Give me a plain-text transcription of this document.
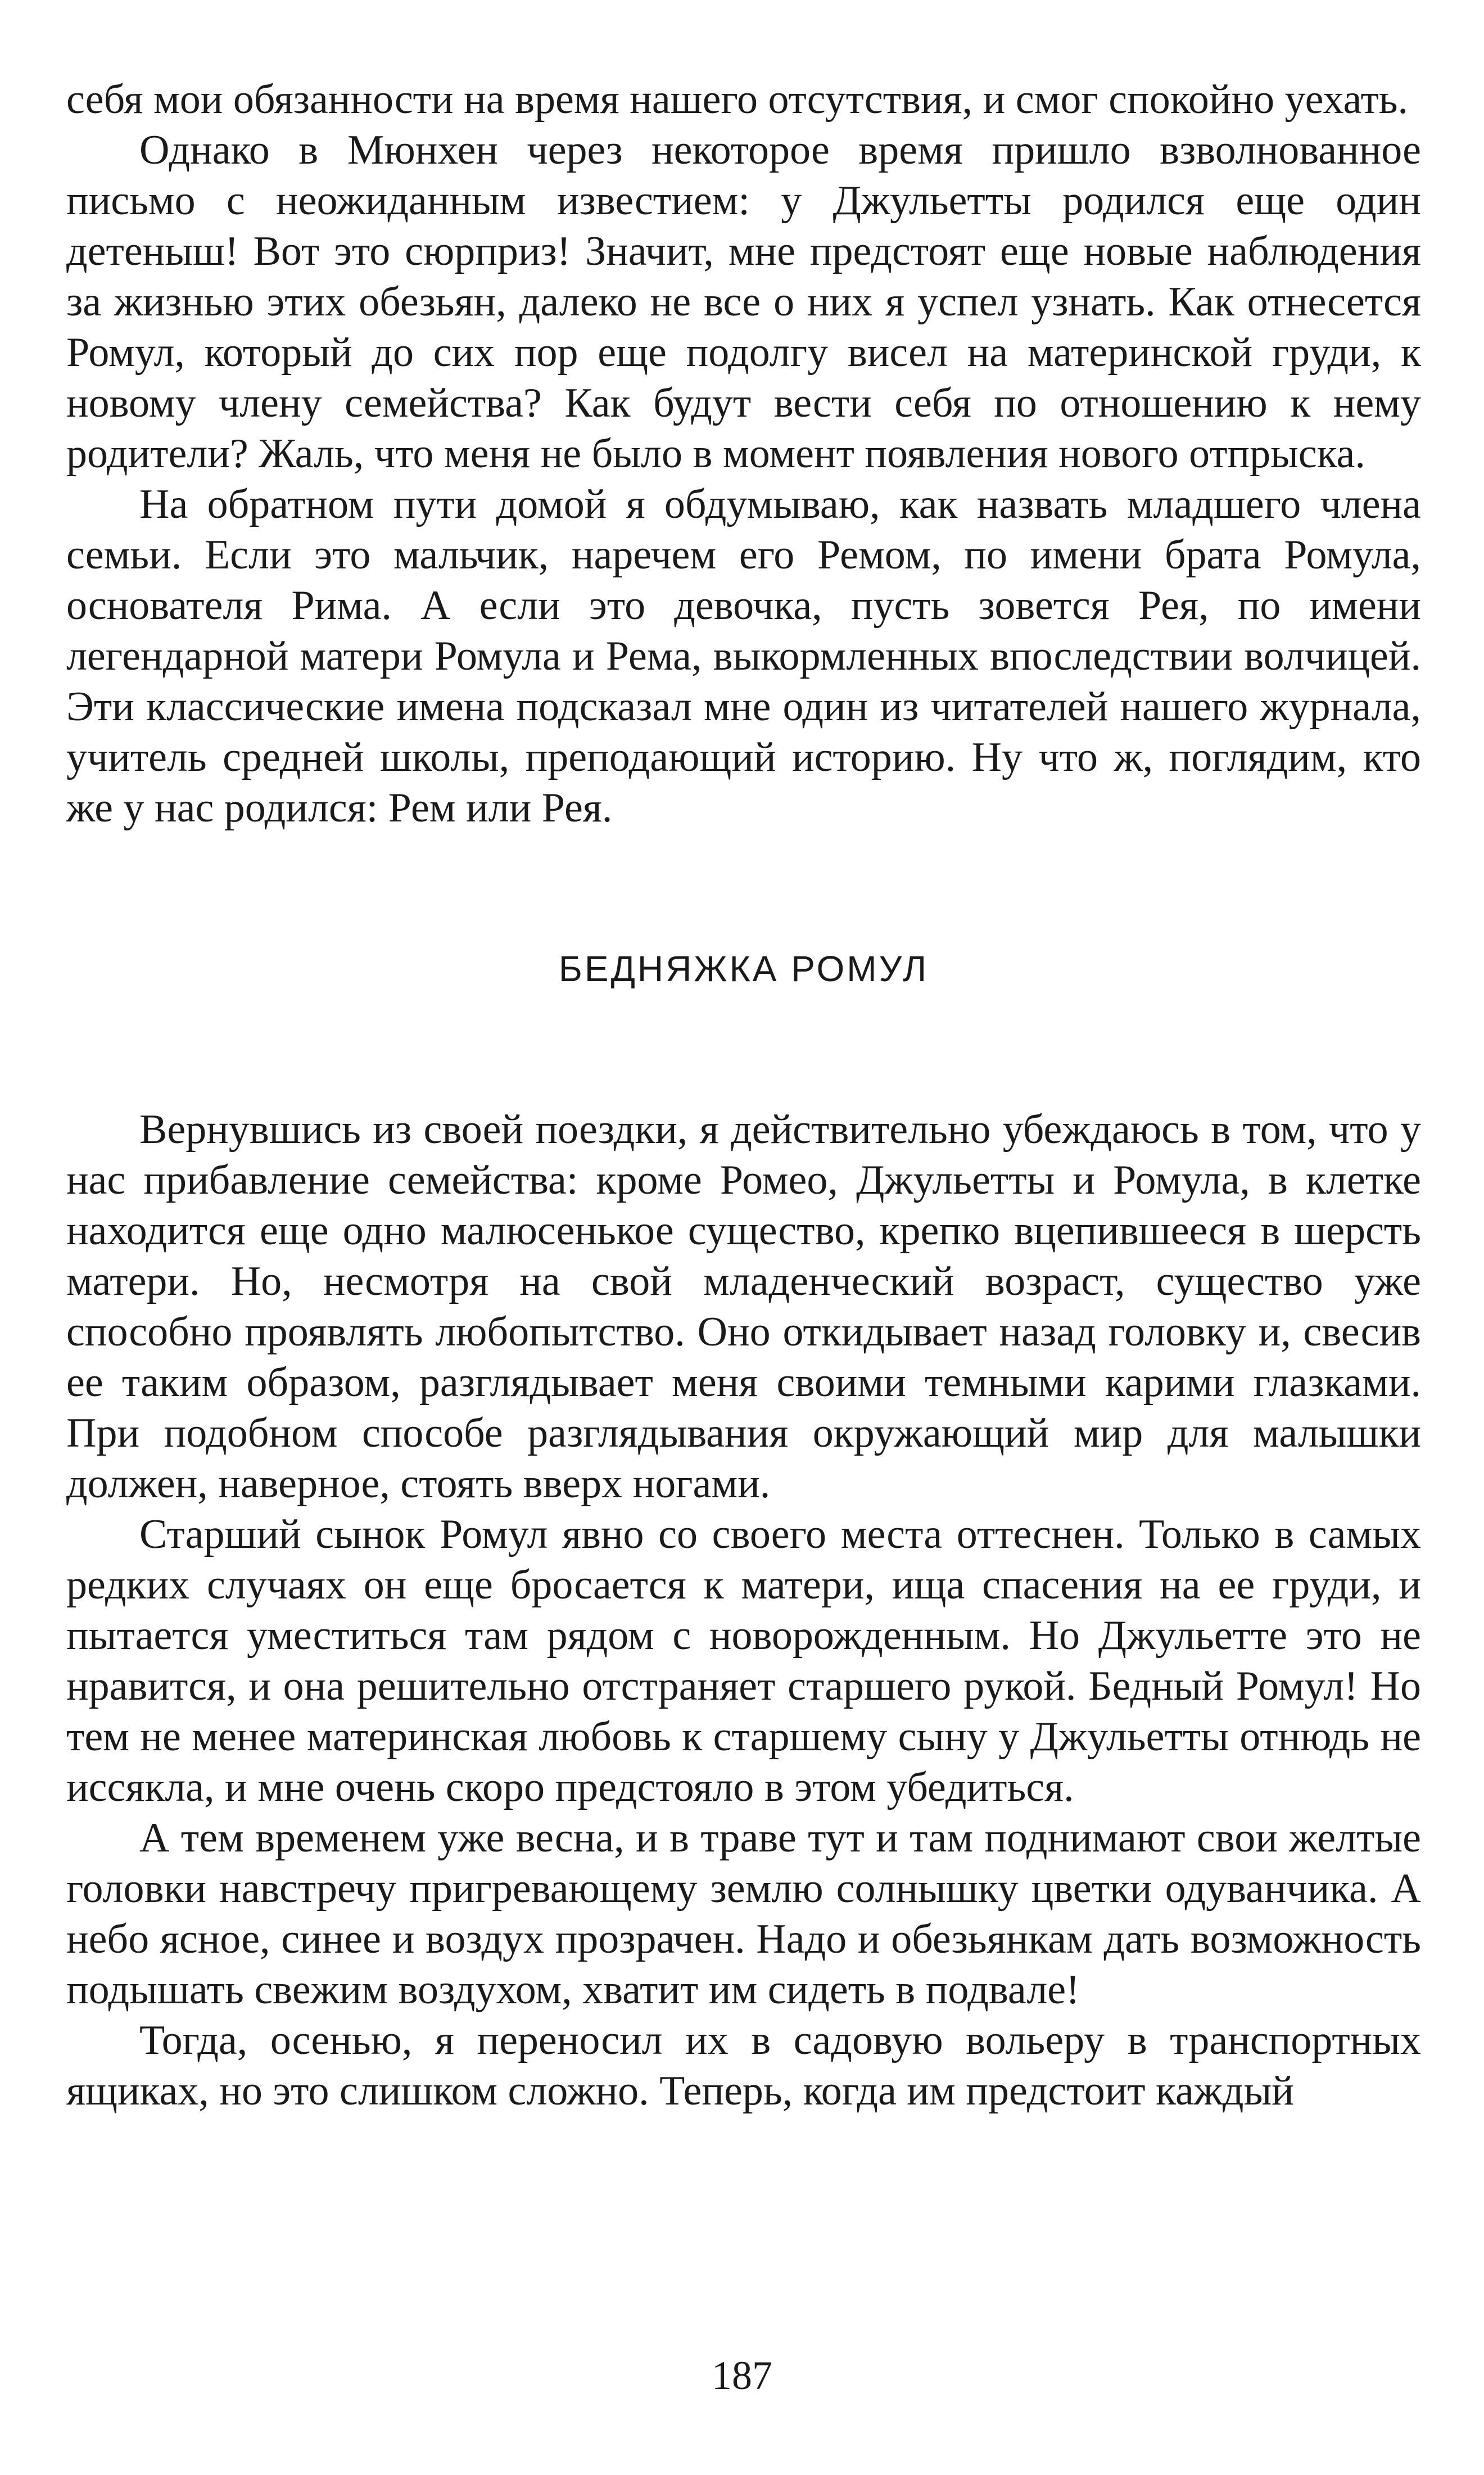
себя мои обязанности на время нашего отсутствия, и смог спокойно уехать.

Однако в Мюнхен через некоторое время пришло взволнованное письмо с неожиданным известием: у Джульетты родился еще один детеныш! Вот это сюрприз! Значит, мне предстоят еще новые наблюдения за жизнью этих обезьян, далеко не все о них я успел узнать. Как отнесется Ромул, который до сих пор еще подолгу висел на материнской груди, к новому члену семейства? Как будут вести себя по отношению к нему родители? Жаль, что меня не было в момент появления нового отпрыска.

На обратном пути домой я обдумываю, как назвать младшего члена семьи. Если это мальчик, наречем его Ремом, по имени брата Ромула, основателя Рима. А если это девочка, пусть зовется Рея, по имени легендарной матери Ромула и Рема, выкормленных впоследствии волчицей. Эти классические имена подсказал мне один из читателей нашего журнала, учитель средней школы, преподающий историю. Ну что ж, поглядим, кто же у нас родился: Рем или Рея.

БЕДНЯЖКА РОМУЛ

Вернувшись из своей поездки, я действительно убеждаюсь в том, что у нас прибавление семейства: кроме Ромео, Джульетты и Ромула, в клетке находится еще одно малюсенькое существо, крепко вцепившееся в шерсть матери. Но, несмотря на свой младенческий возраст, существо уже способно проявлять любопытство. Оно откидывает назад головку и, свесив ее таким образом, разглядывает меня своими темными карими глазками. При подобном способе разглядывания окружающий мир для малышки должен, наверное, стоять вверх ногами.

Старший сынок Ромул явно со своего места оттеснен. Только в самых редких случаях он еще бросается к матери, ища спасения на ее груди, и пытается уместиться там рядом с новорожденным. Но Джульетте это не нравится, и она решительно отстраняет старшего рукой. Бедный Ромул! Но тем не менее материнская любовь к старшему сыну у Джульетты отнюдь не иссякла, и мне очень скоро предстояло в этом убедиться.

А тем временем уже весна, и в траве тут и там поднимают свои желтые головки навстречу пригревающему землю солнышку цветки одуванчика. А небо ясное, синее и воздух прозрачен. Надо и обезьянкам дать возможность подышать свежим воздухом, хватит им сидеть в подвале!

Тогда, осенью, я переносил их в садовую вольеру в транспортных ящиках, но это слишком сложно. Теперь, когда им предстоит каждый

187
